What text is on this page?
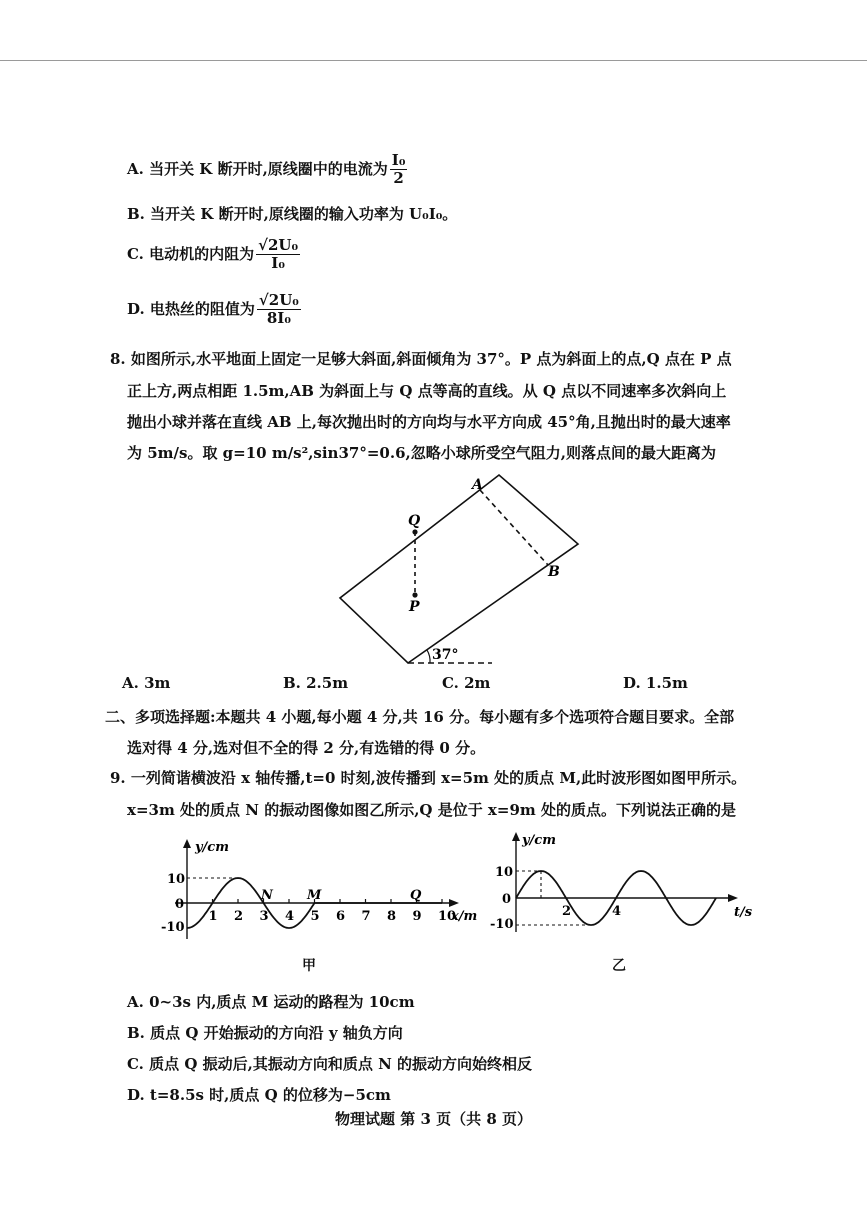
A. 当开关 K 断开时,原线圈中的电流为 $\frac{\text{I₀}}{2}$
B. 当开关 K 断开时,原线圈的输入功率为 U₀I₀。
C. 电动机的内阻为 $\frac{\text{√2U₀}}{\text{I₀}}$
D. 电热丝的阻值为 $\frac{\text{√2U₀}}{\text{8I₀}}$
8. 如图所示,水平地面上固定一足够大斜面,斜面倾角为 37°。P 点为斜面上的点,Q 点在 P 点
正上方,两点相距 1.5m,AB 为斜面上与 Q 点等高的直线。从 Q 点以不同速率多次斜向上
抛出小球并落在直线 AB 上,每次抛出时的方向均与水平方向成 45°角,且抛出时的最大速率
为 5m/s。取 g=10 m/s²,sin37°=0.6,忽略小球所受空气阻力,则落点间的最大距离为
A
B
Q
P
37°
A. 3m	B. 2.5m	C. 2m	D. 1.5m
二、多项选择题:本题共 4 小题,每小题 4 分,共 16 分。每小题有多个选项符合题目要求。全部
选对得 4 分,选对但不全的得 2 分,有选错的得 0 分。
9. 一列简谐横波沿 x 轴传播,t=0 时刻,波传播到 x=5m 处的质点 M,此时波形图如图甲所示。
x=3m 处的质点 N 的振动图像如图乙所示,Q 是位于 x=9m 处的质点。下列说法正确的是
y/cm
x/m
10
0
-10
1 2 3 4 5 6 7 8 9 10
N	M	Q
甲
y/cm
t/s
10
0
-10
2	4
乙
A. 0~3s 内,质点 M 运动的路程为 10cm
B. 质点 Q 开始振动的方向沿 y 轴负方向
C. 质点 Q 振动后,其振动方向和质点 N 的振动方向始终相反
D. t=8.5s 时,质点 Q 的位移为−5cm
物理试题 第 3 页（共 8 页）
